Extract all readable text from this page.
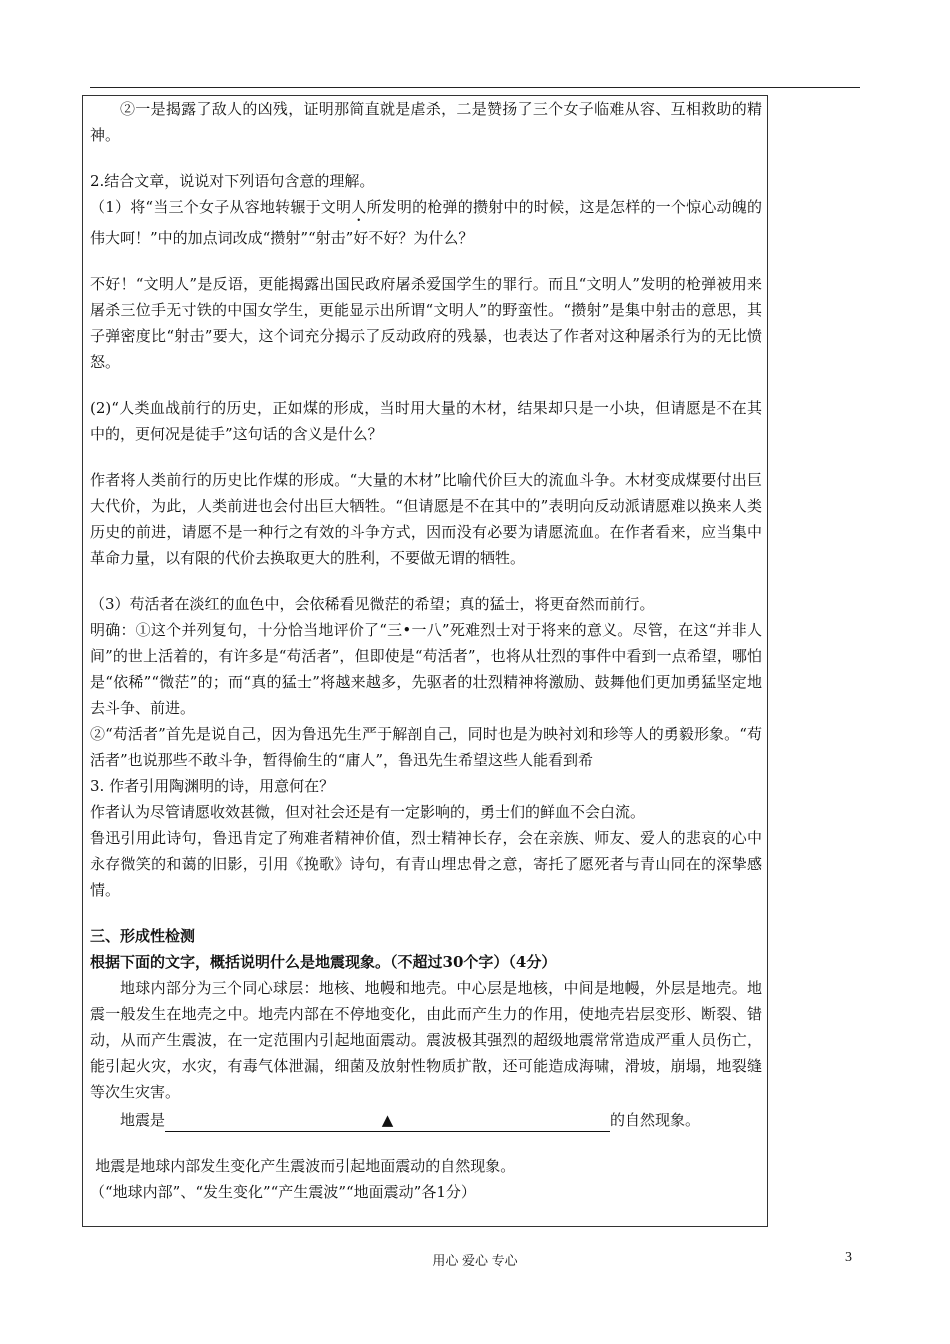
②一是揭露了敌人的凶残，证明那简直就是虐杀，二是赞扬了三个女子临难从容、互相救助的精神。

2.结合文章，说说对下列语句含意的理解。

（1）将“当三个女子从容地转辗于文明人所发明的枪弹的攒射中的时候，这是怎样的一个惊心动魄的伟大呵！”中的加点词改成“攒射”“射击”好不好？为什么？

不好！“文明人”是反语，更能揭露出国民政府屠杀爱国学生的罪行。而且“文明人”发明的枪弹被用来屠杀三位手无寸铁的中国女学生，更能显示出所谓“文明人”的野蛮性。“攒射”是集中射击的意思，其子弹密度比“射击”要大，这个词充分揭示了反动政府的残暴，也表达了作者对这种屠杀行为的无比愤怒。

(2)“人类血战前行的历史，正如煤的形成，当时用大量的木材，结果却只是一小块，但请愿是不在其中的，更何况是徒手”这句话的含义是什么？

作者将人类前行的历史比作煤的形成。“大量的木材”比喻代价巨大的流血斗争。木材变成煤要付出巨大代价，为此，人类前进也会付出巨大牺牲。“但请愿是不在其中的”表明向反动派请愿难以换来人类历史的前进，请愿不是一种行之有效的斗争方式，因而没有必要为请愿流血。在作者看来，应当集中革命力量，以有限的代价去换取更大的胜利，不要做无谓的牺牲。

（3）苟活者在淡红的血色中，会依稀看见微茫的希望；真的猛士，将更奋然而前行。

明确：①这个并列复句，十分恰当地评价了“三•一八”死难烈士对于将来的意义。尽管，在这“并非人间”的世上活着的，有许多是“苟活者”，但即使是“苟活者”，也将从壮烈的事件中看到一点希望，哪怕是“依稀”“微茫”的；而“真的猛士”将越来越多，先驱者的壮烈精神将激励、鼓舞他们更加勇猛坚定地去斗争、前进。

②“苟活者”首先是说自己，因为鲁迅先生严于解剖自己，同时也是为映衬刘和珍等人的勇毅形象。“苟活者”也说那些不敢斗争，暂得偷生的“庸人”，鲁迅先生希望这些人能看到希

3. 作者引用陶渊明的诗，用意何在？

作者认为尽管请愿收效甚微，但对社会还是有一定影响的，勇士们的鲜血不会白流。

鲁迅引用此诗句，鲁迅肯定了殉难者精神价值，烈士精神长存，会在亲族、师友、爱人的悲哀的心中永存微笑的和蔼的旧影，引用《挽歌》诗句，有青山埋忠骨之意，寄托了愿死者与青山同在的深挚感情。

三、形成性检测

根据下面的文字，概括说明什么是地震现象。（不超过30个字）（4分）

地球内部分为三个同心球层：地核、地幔和地壳。中心层是地核，中间是地幔，外层是地壳。地震一般发生在地壳之中。地壳内部在不停地变化，由此而产生力的作用，使地壳岩层变形、断裂、错动，从而产生震波，在一定范围内引起地面震动。震波极其强烈的超级地震常常造成严重人员伤亡，能引起火灾，水灾，有毒气体泄漏，细菌及放射性物质扩散，还可能造成海啸，滑坡，崩塌，地裂缝等次生灾害。

地震是	▲	的自然现象。

地震是地球内部发生变化产生震波而引起地面震动的自然现象。

（“地球内部”、“发生变化”“产生震波”“地面震动”各1分）

用心 爱心 专心	3
